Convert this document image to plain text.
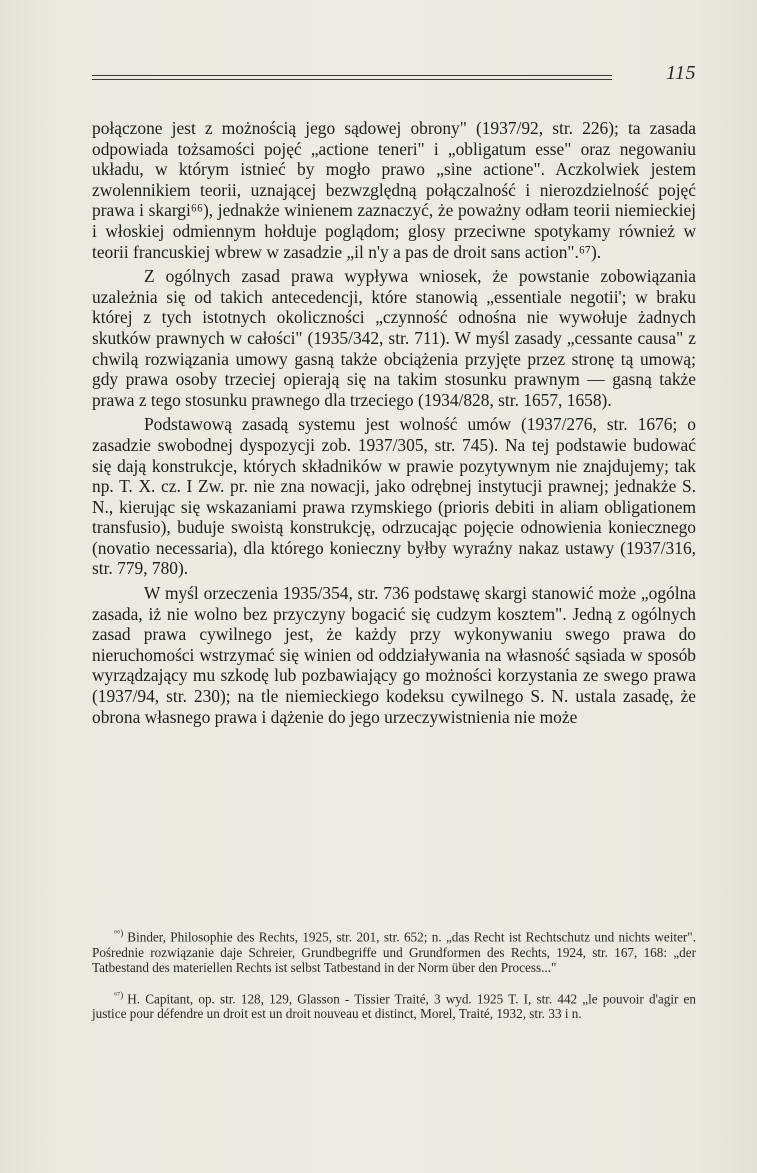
115

połączone jest z możnością jego sądowej obrony" (1937/92, str. 226); ta zasada odpowiada tożsamości pojęć „actione teneri" i „obligatum esse" oraz negowaniu układu, w którym istnieć by mogło prawo „sine actione". Aczkolwiek jestem zwolennikiem teorii, uznającej bezwzględną połączalność i nierozdzielność pojęć prawa i skargi⁶⁶), jednakże winienem zaznaczyć, że poważny odłam teorii niemieckiej i włoskiej odmiennym hołduje poglądom; glosy przeciwne spotykamy również w teorii francuskiej wbrew w zasadzie „il n'y a pas de droit sans action".⁶⁷).

Z ogólnych zasad prawa wypływa wniosek, że powstanie zobowiązania uzależnia się od takich antecedencji, które stanowią „essentiale negotii'; w braku której z tych istotnych okoliczności „czynność odnośna nie wywołuje żadnych skutków prawnych w całości" (1935/342, str. 711). W myśl zasady „cessante causa" z chwilą rozwiązania umowy gasną także obciążenia przyjęte przez stronę tą umową; gdy prawa osoby trzeciej opierają się na takim stosunku prawnym — gasną także prawa z tego stosunku prawnego dla trzeciego (1934/828, str. 1657, 1658).

Podstawową zasadą systemu jest wolność umów (1937/276, str. 1676; o zasadzie swobodnej dyspozycji zob. 1937/305, str. 745). Na tej podstawie budować się dają konstrukcje, których składników w prawie pozytywnym nie znajdujemy; tak np. T. X. cz. I Zw. pr. nie zna nowacji, jako odrębnej instytucji prawnej; jednakże S. N., kierując się wskazaniami prawa rzymskiego (prioris debiti in aliam obligationem transfusio), buduje swoistą konstrukcję, odrzucając pojęcie odnowienia koniecznego (novatio necessaria), dla którego konieczny byłby wyraźny nakaz ustawy (1937/316, str. 779, 780).

W myśl orzeczenia 1935/354, str. 736 podstawę skargi stanowić może „ogólna zasada, iż nie wolno bez przyczyny bogacić się cudzym kosztem". Jedną z ogólnych zasad prawa cywilnego jest, że każdy przy wykonywaniu swego prawa do nieruchomości wstrzymać się winien od oddziaływania na własność sąsiada w sposób wyrządzający mu szkodę lub pozbawiający go możności korzystania ze swego prawa (1937/94, str. 230); na tle niemieckiego kodeksu cywilnego S. N. ustala zasadę, że obrona własnego prawa i dążenie do jego urzeczywistnienia nie może

$^{^{66})}$ Binder, Philosophie des Rechts, 1925, str. 201, str. 652; n. „das Recht ist Rechtschutz und nichts weiter". Pośrednie rozwiązanie daje Schreier, Grundbegriffe und Grundformen des Rechts, 1924, str. 167, 168: „der Tatbestand des materiellen Rechts ist selbst Tatbestand in der Norm über den Process..."

$^{^{67})}$ H. Capitant, op. str. 128, 129, Glasson - Tissier Traité, 3 wyd. 1925 T. I, str. 442 „le pouvoir d'agir en justice pour défendre un droit est un droit nouveau et distinct, Morel, Traité, 1932, str. 33 i n.
